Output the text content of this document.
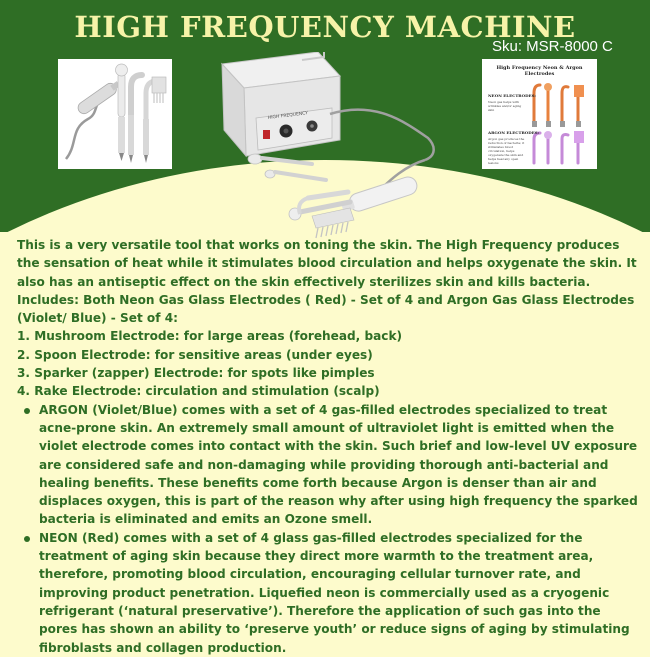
HIGH FREQUENCY MACHINE
Sku: MSR-8000 C
HIGH FREQUENCY
High Frequency Neon & Argon Electrodes
NEON ELECTRODES:
Neon gas helps with wrinkles and/or aging skin
ARGON ELECTRODES:
Argon gas produces the reduction of bacteria; it stimulates blood circulation, helps oxygenate the skin and helps heal any open lesions

This is a very versatile tool that works on toning the skin. The High Frequency produces the sensation of heat while it stimulates blood circulation and helps oxygenate the skin. It also has an antiseptic effect on the skin effectively sterilizes skin and kills bacteria.

Includes: Both Neon Gas Glass Electrodes ( Red) - Set of 4 and Argon Gas Glass Electrodes (Violet/ Blue) - Set of 4:

1. Mushroom Electrode: for large areas (forehead, back)

2. Spoon Electrode: for sensitive areas (under eyes)

3. Sparker (zapper) Electrode: for spots like pimples

4. Rake Electrode: circulation and stimulation (scalp)

ARGON (Violet/Blue) comes with a set of 4 gas-filled electrodes specialized to treat acne-prone skin. An extremely small amount of ultraviolet light is emitted when the violet electrode comes into contact with the skin. Such brief and low-level UV exposure are considered safe and non-damaging while providing thorough anti-bacterial and healing benefits. These benefits come forth because Argon is denser than air and displaces oxygen, this is part of the reason why after using high frequency the sparked bacteria is eliminated and emits an Ozone smell.
NEON (Red) comes with a set of 4 glass gas-filled electrodes specialized for the treatment of aging skin because they direct more warmth to the treatment area, therefore, promoting blood circulation, encouraging cellular turnover rate, and improving product penetration. Liquefied neon is commercially used as a cryogenic refrigerant (‘natural preservative’). Therefore the application of such gas into the pores has shown an ability to ‘preserve youth’ or reduce signs of aging by stimulating fibroblasts and collagen production.
